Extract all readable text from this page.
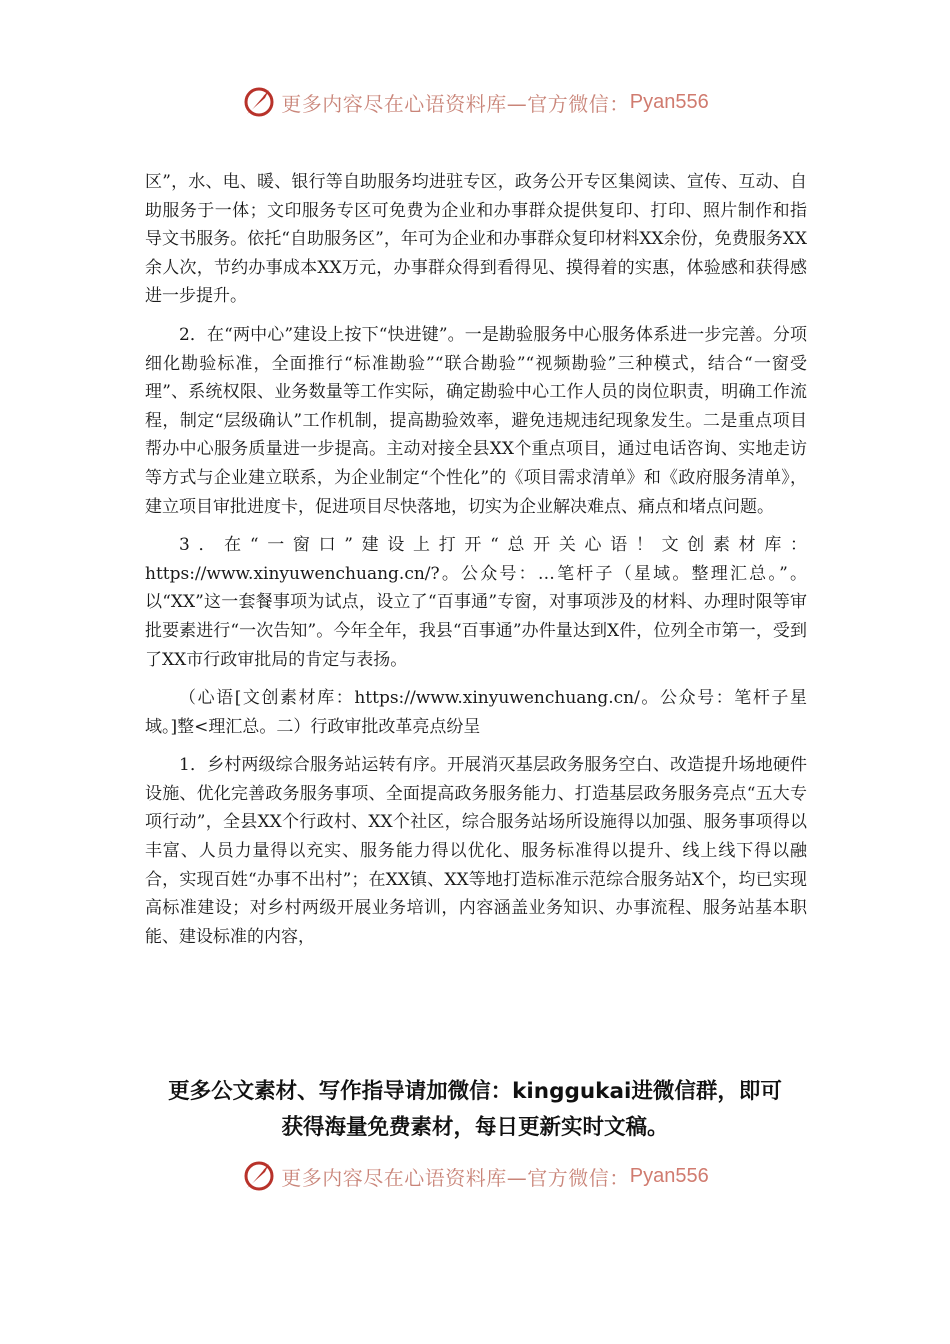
更多内容尽在心语资料库—官方微信： Pyan556

区”，水、电、暖、银行等自助服务均进驻专区，政务公开专区集阅读、宣传、互动、自助服务于一体；文印服务专区可免费为企业和办事群众提供复印、打印、照片制作和指导文书服务。依托“自助服务区”，年可为企业和办事群众复印材料XX余份，免费服务XX余人次，节约办事成本XX万元，办事群众得到看得见、摸得着的实惠，体验感和获得感进一步提升。

2．在“两中心”建设上按下“快进键”。一是勘验服务中心服务体系进一步完善。分项细化勘验标准，全面推行“标准勘验”“联合勘验”“视频勘验”三种模式，结合“一窗受理”、系统权限、业务数量等工作实际，确定勘验中心工作人员的岗位职责，明确工作流程，制定“层级确认”工作机制，提高勘验效率，避免违规违纪现象发生。二是重点项目帮办中心服务质量进一步提高。主动对接全县XX个重点项目，通过电话咨询、实地走访等方式与企业建立联系，为企业制定“个性化”的《项目需求清单》和《政府服务清单》，建立项目审批进度卡，促进项目尽快落地，切实为企业解决难点、痛点和堵点问题。

3．在“一窗口”建设上打开“总开关心语！文创素材库：https://www.xinyuwenchuang.cn/?。公众号：…笔杆子（星域。整理汇总。”。以“XX”这一套餐事项为试点，设立了“百事通”专窗，对事项涉及的材料、办理时限等审批要素进行“一次告知”。今年全年，我县“百事通”办件量达到X件，位列全市第一，受到了XX市行政审批局的肯定与表扬。

（心语[文创素材库：https://www.xinyuwenchuang.cn/。公众号：笔杆子星域。]整<理汇总。二）行政审批改革亮点纷呈

1．乡村两级综合服务站运转有序。开展消灭基层政务服务空白、改造提升场地硬件设施、优化完善政务服务事项、全面提高政务服务能力、打造基层政务服务亮点“五大专项行动”，全县XX个行政村、XX个社区，综合服务站场所设施得以加强、服务事项得以丰富、人员力量得以充实、服务能力得以优化、服务标准得以提升、线上线下得以融合，实现百姓“办事不出村”；在XX镇、XX等地打造标准示范综合服务站X个，均已实现高标准建设；对乡村两级开展业务培训，内容涵盖业务知识、办事流程、服务站基本职能、建设标准的内容，

更多公文素材、写作指导请加微信：kinggukai进微信群，即可
获得海量免费素材，每日更新实时文稿。
更多内容尽在心语资料库—官方微信： Pyan556
